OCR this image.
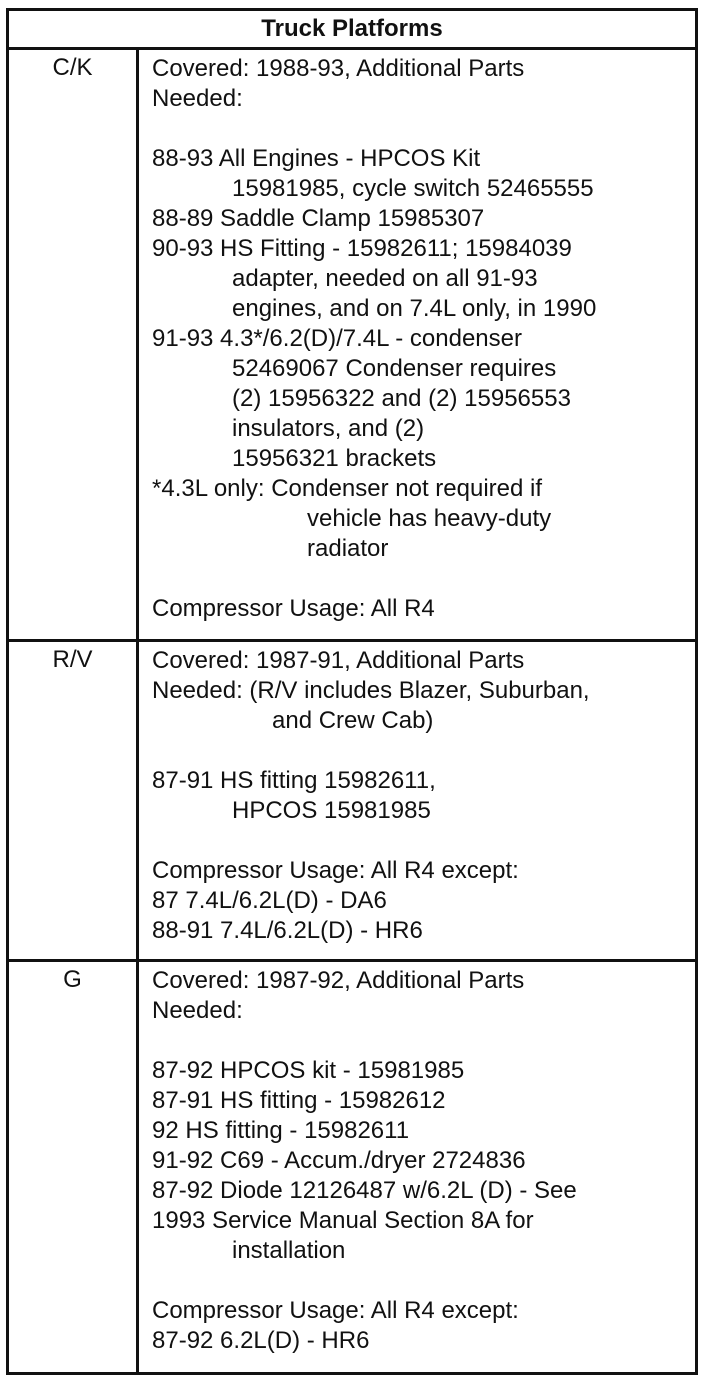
Truck Platforms
C/K	Covered: 1988-93, Additional Parts
Needed:
88-93 All Engines - HPCOS Kit
15981985, cycle switch 52465555
88-89 Saddle Clamp 15985307
90-93 HS Fitting - 15982611; 15984039
adapter, needed on all 91-93
engines, and on 7.4L only, in 1990
91-93 4.3*/6.2(D)/7.4L - condenser
52469067 Condenser requires
(2) 15956322 and (2) 15956553
insulators, and (2)
15956321 brackets
*4.3L only: Condenser not required if
vehicle has heavy-duty
radiator
Compressor Usage: All R4
R/V	Covered: 1987-91, Additional Parts
Needed: (R/V includes Blazer, Suburban,
and Crew Cab)
87-91 HS fitting 15982611,
HPCOS 15981985
Compressor Usage: All R4 except:
87 7.4L/6.2L(D) - DA6
88-91 7.4L/6.2L(D) - HR6
G	Covered: 1987-92, Additional Parts
Needed:
87-92 HPCOS kit - 15981985
87-91 HS fitting - 15982612
92 HS fitting - 15982611
91-92 C69 - Accum./dryer 2724836
87-92 Diode 12126487 w/6.2L (D) - See
1993 Service Manual Section 8A for
installation
Compressor Usage: All R4 except:
87-92 6.2L(D) - HR6
